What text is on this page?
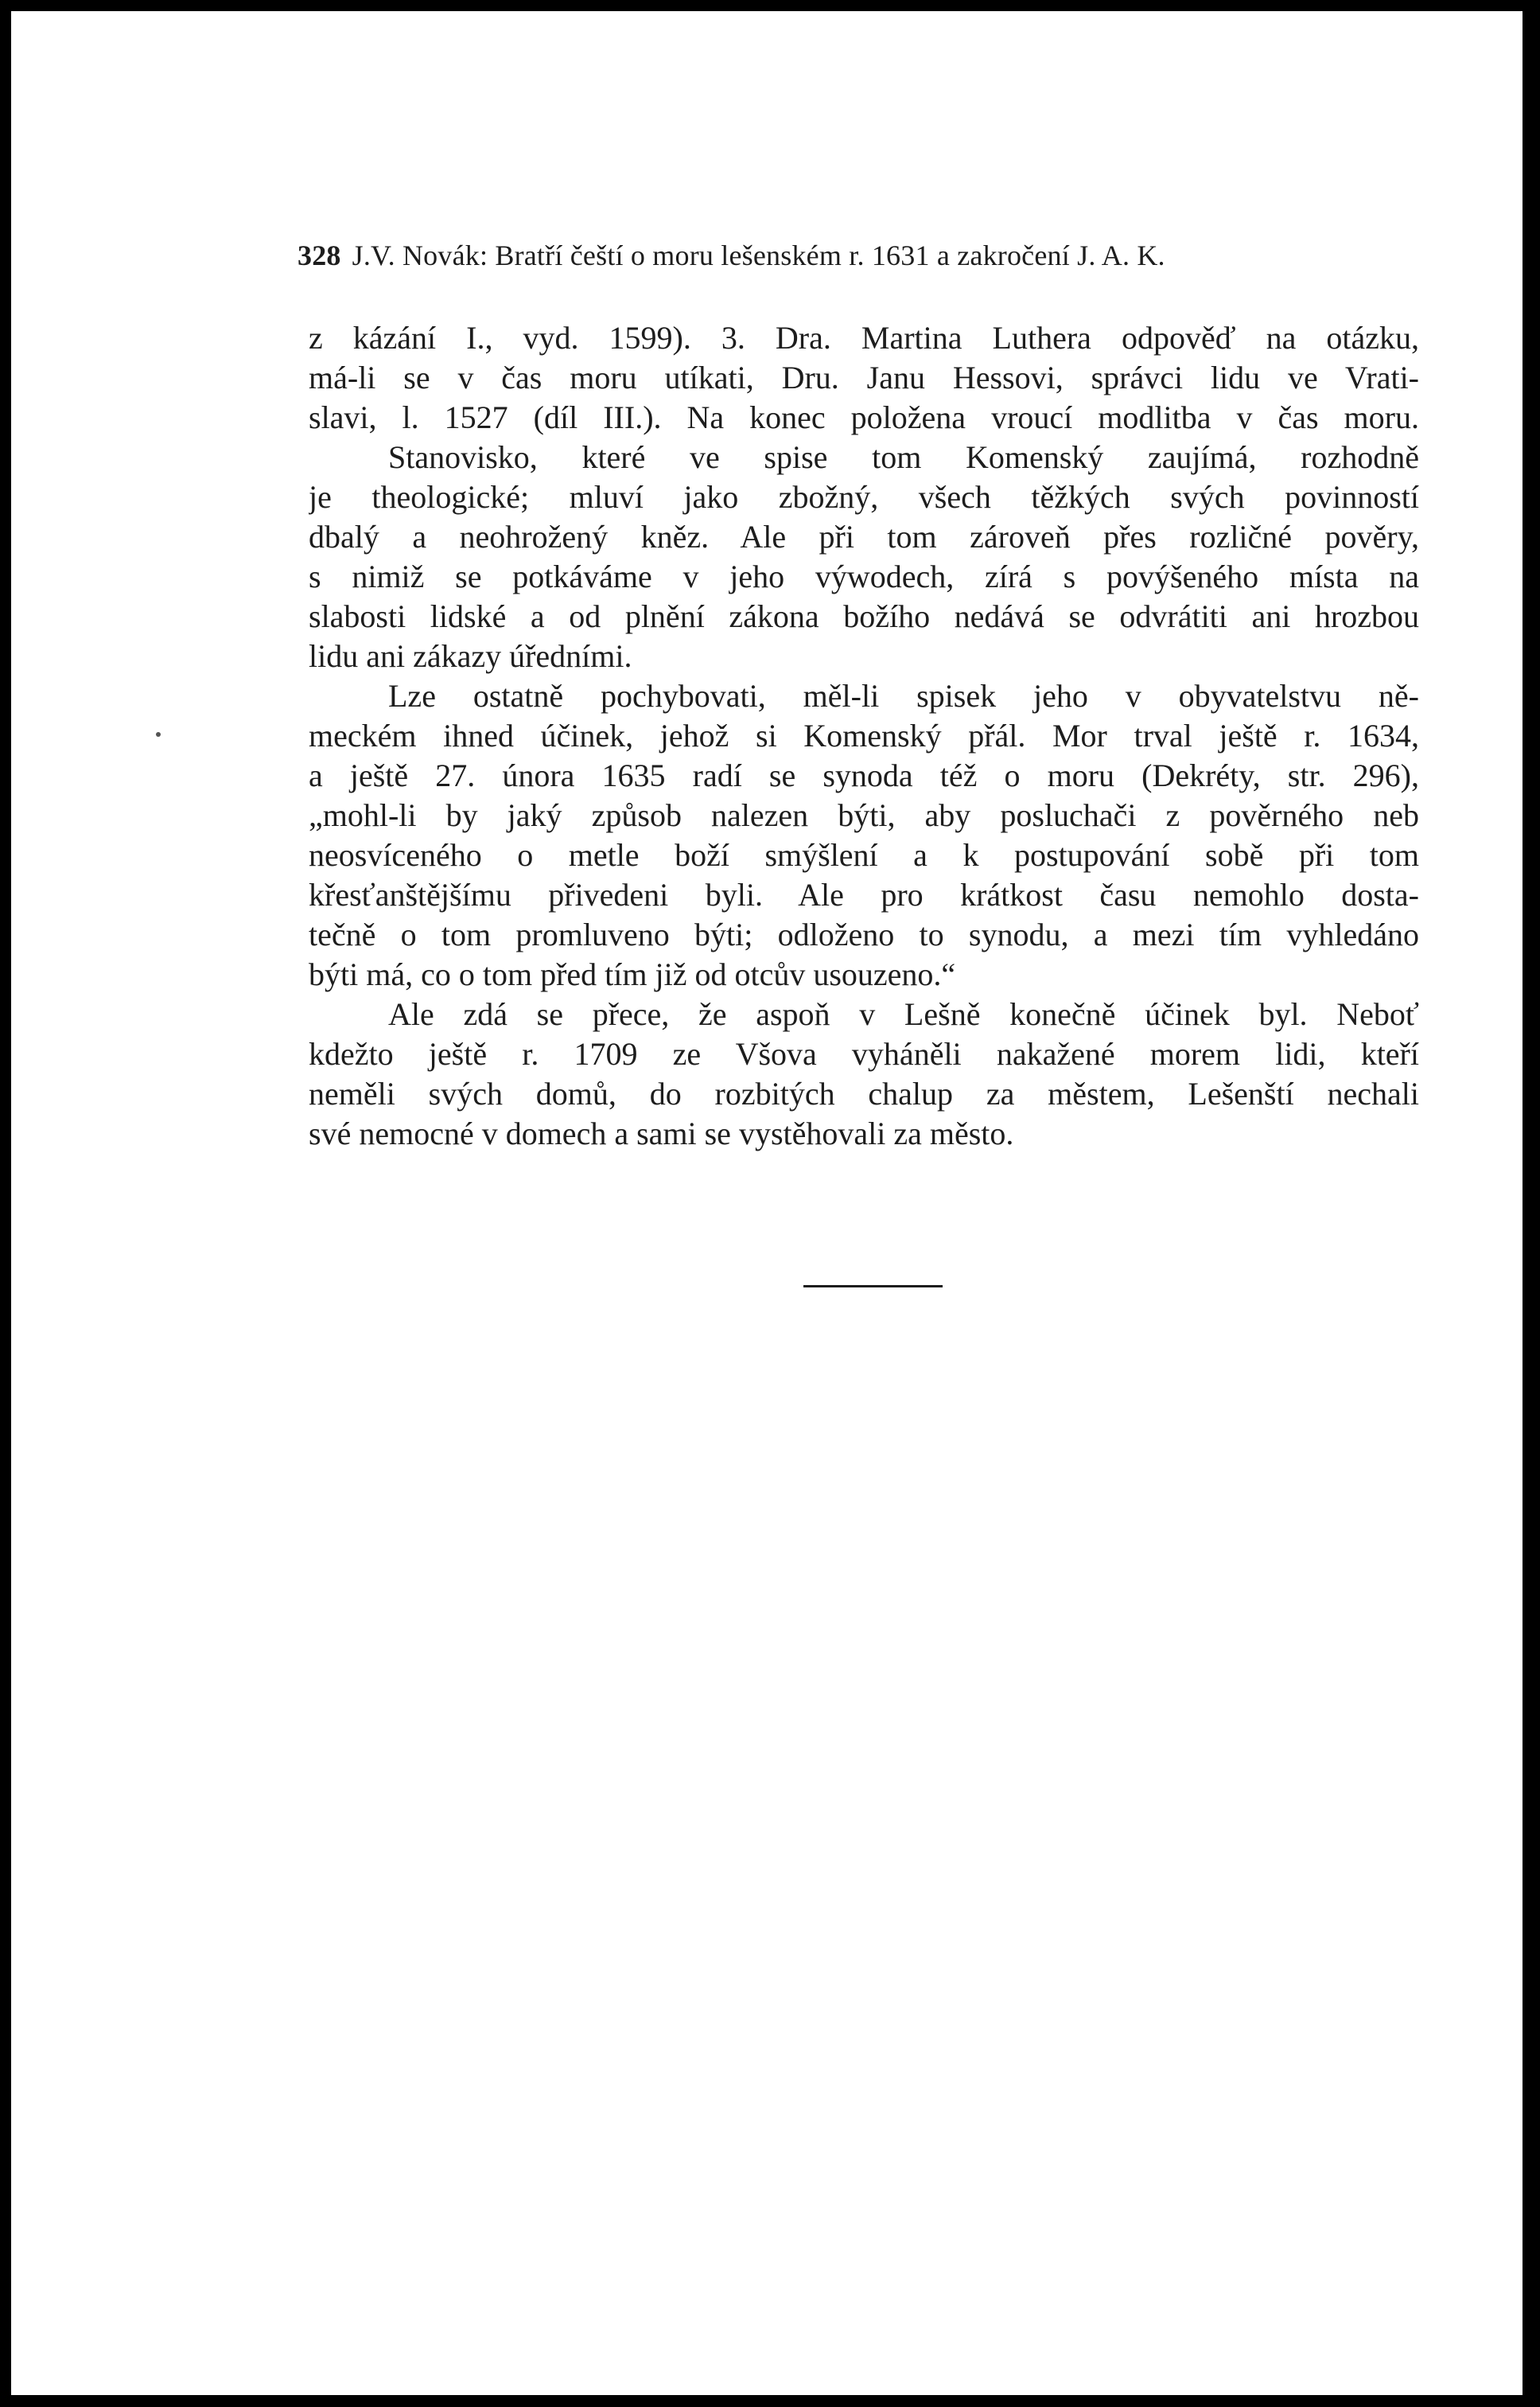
328 J.V. Novák: Bratří čeští o moru lešenském r. 1631 a zakročení J. A. K.
z kázání I., vyd. 1599). 3. Dra. Martina Luthera odpověď na otázku,
má-li se v čas moru utíkati, Dru. Janu Hessovi, správci lidu ve Vrati-
slavi, l. 1527 (díl III.). Na konec položena vroucí modlitba v čas moru.
Stanovisko, které ve spise tom Komenský zaujímá, rozhodně
je theologické; mluví jako zbožný, všech těžkých svých povinností
dbalý a neohrožený kněz. Ale při tom zároveň přes rozličné pověry,
s nimiž se potkáváme v jeho výwodech, zírá s povýšeného místa na
slabosti lidské a od plnění zákona božího nedává se odvrátiti ani hrozbou
lidu ani zákazy úředními.
Lze ostatně pochybovati, měl-li spisek jeho v obyvatelstvu ně-
meckém ihned účinek, jehož si Komenský přál. Mor trval ještě r. 1634,
a ještě 27. února 1635 radí se synoda též o moru (Dekréty, str. 296),
„mohl-li by jaký způsob nalezen býti, aby posluchači z pověrného neb
neosvíceného o metle boží smýšlení a k postupování sobě při tom
křesťanštějšímu přivedeni byli. Ale pro krátkost času nemohlo dosta-
tečně o tom promluveno býti; odloženo to synodu, a mezi tím vyhledáno
býti má, co o tom před tím již od otcův usouzeno.“
Ale zdá se přece, že aspoň v Lešně konečně účinek byl. Neboť
kdežto ještě r. 1709 ze Všova vyháněli nakažené morem lidi, kteří
neměli svých domů, do rozbitých chalup za městem, Lešenští nechali
své nemocné v domech a sami se vystěhovali za město.
